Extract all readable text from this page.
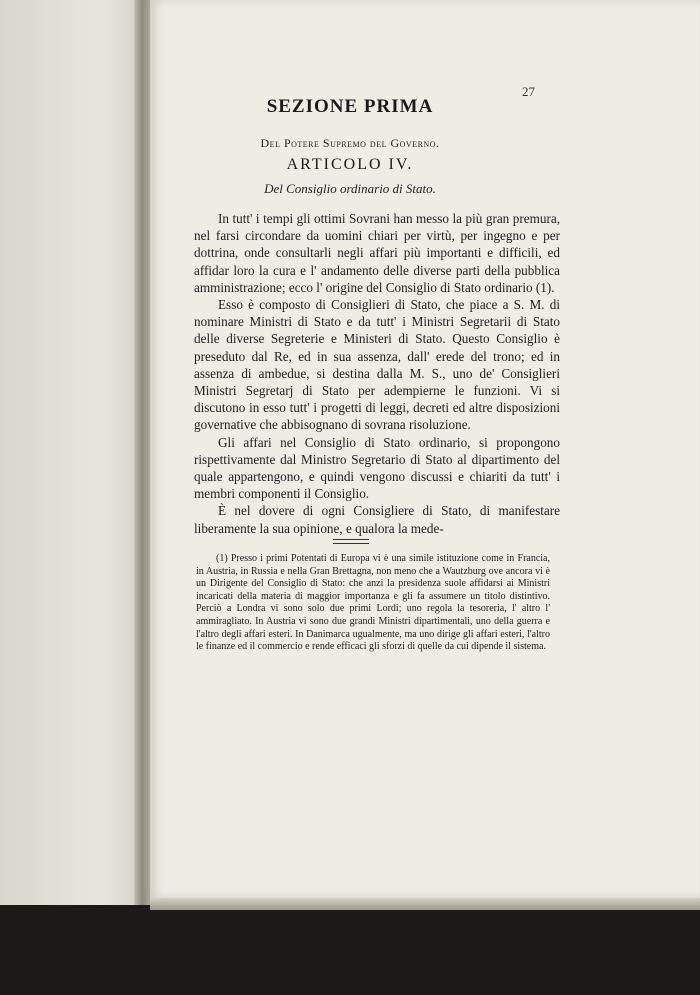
27
SEZIONE PRIMA
Del Potere Supremo del Governo.
ARTICOLO IV.
Del Consiglio ordinario di Stato.

In tutt' i tempi gli ottimi Sovrani han messo la più gran premura, nel farsi circondare da uomini chiari per virtù, per ingegno e per dottrina, onde consultarli negli affari più importanti e difficili, ed affidar loro la cura e l' andamento delle diverse parti della pubblica amministrazione; ecco l' origine del Consiglio di Stato ordinario (1).

Esso è composto di Consiglieri di Stato, che piace a S. M. di nominare Ministri di Stato e da tutt' i Ministri Segretarii di Stato delle diverse Segreterie e Ministeri di Stato. Questo Consiglio è preseduto dal Re, ed in sua assenza, dall' erede del trono; ed in assenza di ambedue, si destina dalla M. S., uno de' Consiglieri Ministri Segretarj di Stato per adempierne le funzioni. Vi si discutono in esso tutt' i progetti di leggi, decreti ed altre disposizioni governative che abbisognano di sovrana risoluzione.

Gli affari nel Consiglio di Stato ordinario, si propongono rispettivamente dal Ministro Segretario di Stato al dipartimento del quale appartengono, e quindi vengono discussi e chiariti da tutt' i membri componenti il Consiglio.

È nel dovere di ogni Consigliere di Stato, di manifestare liberamente la sua opinione, e qualora la mede-

(1) Presso i primi Potentati di Europa vi è una simile istituzione come in Francia, in Austria, in Russia e nella Gran Brettagna, non meno che a Wautzburg ove ancora vi è un Dirigente del Consiglio di Stato: che anzi la presidenza suole affidarsi ai Ministri incaricati della materia di maggior importanza e gli fa assumere un titolo distintivo. Perciò a Londra vi sono solo due primi Lordi; uno regola la tesoreria, l' altro l' ammiragliato. In Austria vi sono due grandi Ministri dipartimentali, uno della guerra e l'altro degli affari esteri. In Danimarca ugualmente, ma uno dirige gli affari esteri, l'altro le finanze ed il commercio e rende efficaci gli sforzi di quelle da cui dipende il sistema.
